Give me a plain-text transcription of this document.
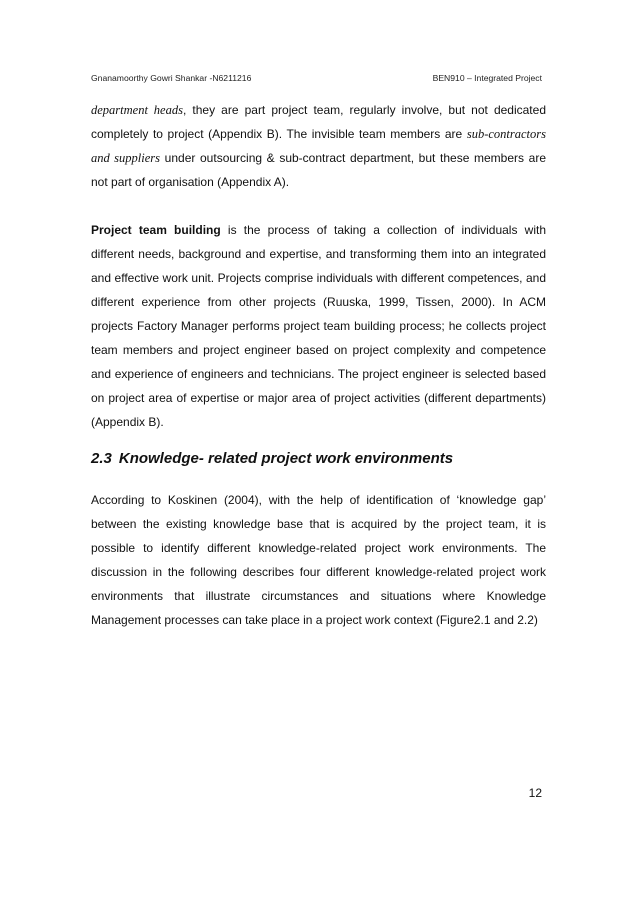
Gnanamoorthy Gowri Shankar -N6211216	BEN910 – Integrated Project

department heads, they are part project team, regularly involve, but not dedicated completely to project (Appendix B). The invisible team members are sub-contractors and suppliers under outsourcing & sub-contract department, but these members are not part of organisation (Appendix A).

Project team building is the process of taking a collection of individuals with different needs, background and expertise, and transforming them into an integrated and effective work unit. Projects comprise individuals with different competences, and different experience from other projects (Ruuska, 1999, Tissen, 2000). In ACM projects Factory Manager performs project team building process; he collects project team members and project engineer based on project complexity and competence and experience of engineers and technicians. The project engineer is selected based on project area of expertise or major area of project activities (different departments) (Appendix B).

2.3 Knowledge- related project work environments

According to Koskinen (2004), with the help of identification of ‘knowledge gap’ between the existing knowledge base that is acquired by the project team, it is possible to identify different knowledge-related project work environments. The discussion in the following describes four different knowledge-related project work environments that illustrate circumstances and situations where Knowledge Management processes can take place in a project work context (Figure2.1 and 2.2)

12
